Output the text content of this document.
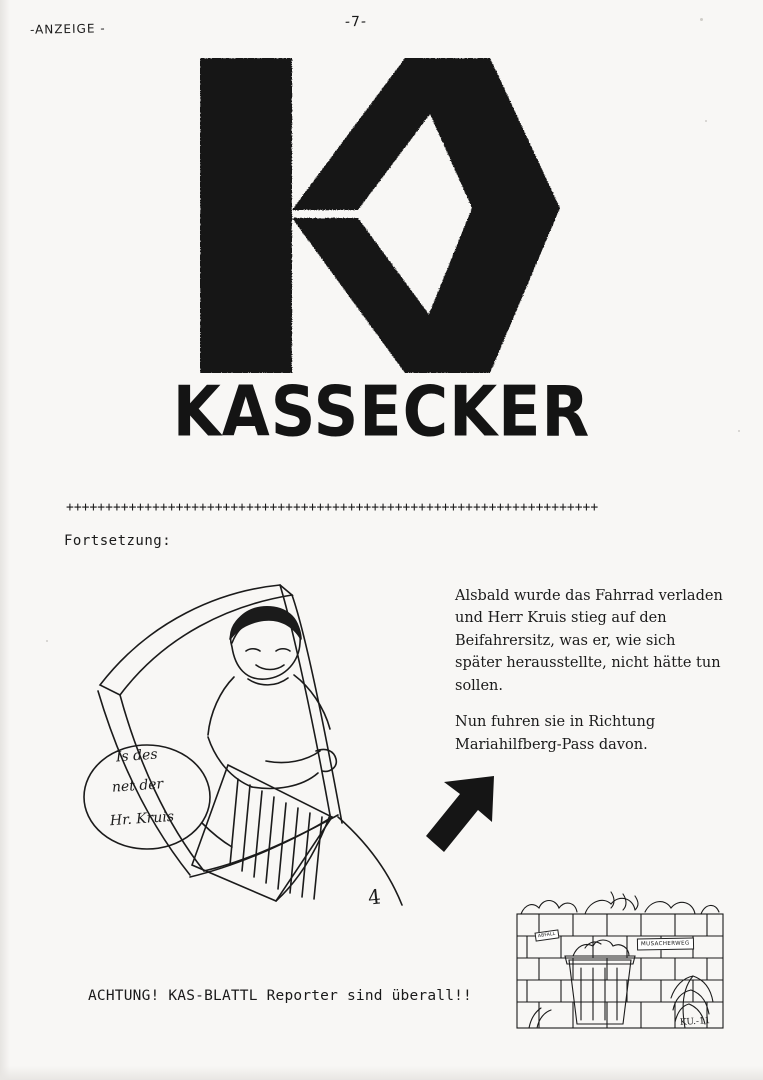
-ANZEIGE -	-7-
KASSECKER
++++++++++++++++++++++++++++++++++++++++++++++++++++++++++++++++++++
Fortsetzung:

Alsbald wurde das Fahrrad verladen und Herr Kruis stieg auf den Beifahrersitz, was er, wie sich später herausstellte, nicht hätte tun sollen.

Nun fuhren sie in Richtung Mariahilfberg-Pass davon.

Is des
net der
Hr. Kruis
4
MUSACHERWEG
ABFALL
KU.-11
ACHTUNG! KAS-BLATTL Reporter sind überall!!
